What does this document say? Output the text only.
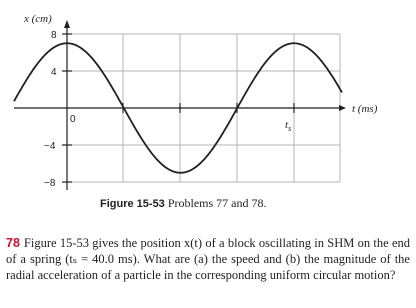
x (cm)
t (ms)
8
4
−4
−8
0	$t_s$
Figure 15-53 Problems 77 and 78.
78 Figure 15-53 gives the position x(t) of a block oscillating in SHM on the end of a spring (tₛ = 40.0 ms). What are (a) the speed and (b) the magnitude of the radial acceleration of a particle in the corresponding uniform circular motion?
